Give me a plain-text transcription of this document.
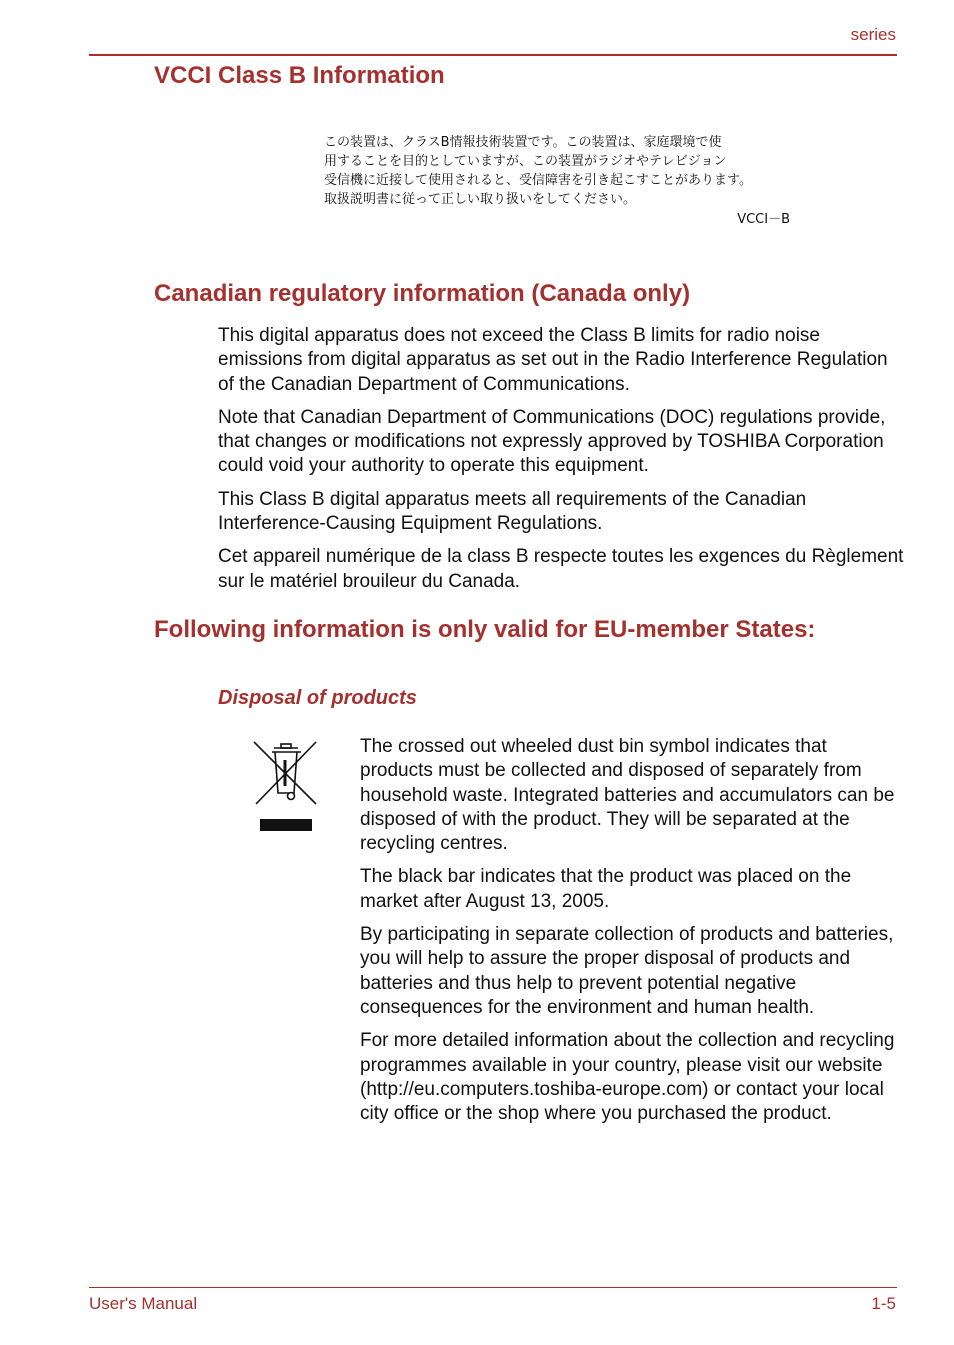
series
VCCI Class B Information

この装置は、クラスB情報技術装置です。この装置は、家庭環境で使

用することを目的としていますが、この装置がラジオやテレビジョン

受信機に近接して使用されると、受信障害を引き起こすことがあります。

取扱説明書に従って正しい取り扱いをしてください。

VCCI－B

Canadian regulatory information (Canada only)

This digital apparatus does not exceed the Class B limits for radio noise emissions from digital apparatus as set out in the Radio Interference Regulation of the Canadian Department of Communications.

Note that Canadian Department of Communications (DOC) regulations provide, that changes or modifications not expressly approved by TOSHIBA Corporation could void your authority to operate this equipment.

This Class B digital apparatus meets all requirements of the Canadian Interference-Causing Equipment Regulations.

Cet appareil numérique de la class B respecte toutes les exgences du Règlement sur le matériel brouileur du Canada.

Following information is only valid for EU-member States:
Disposal of products

The crossed out wheeled dust bin symbol indicates that products must be collected and disposed of separately from household waste. Integrated batteries and accumulators can be disposed of with the product. They will be separated at the recycling centres.

The black bar indicates that the product was placed on the market after August 13, 2005.

By participating in separate collection of products and batteries, you will help to assure the proper disposal of products and batteries and thus help to prevent potential negative consequences for the environment and human health.

For more detailed information about the collection and recycling programmes available in your country, please visit our website (http://eu.computers.toshiba-europe.com) or contact your local city office or the shop where you purchased the product.

User's Manual	1-5
